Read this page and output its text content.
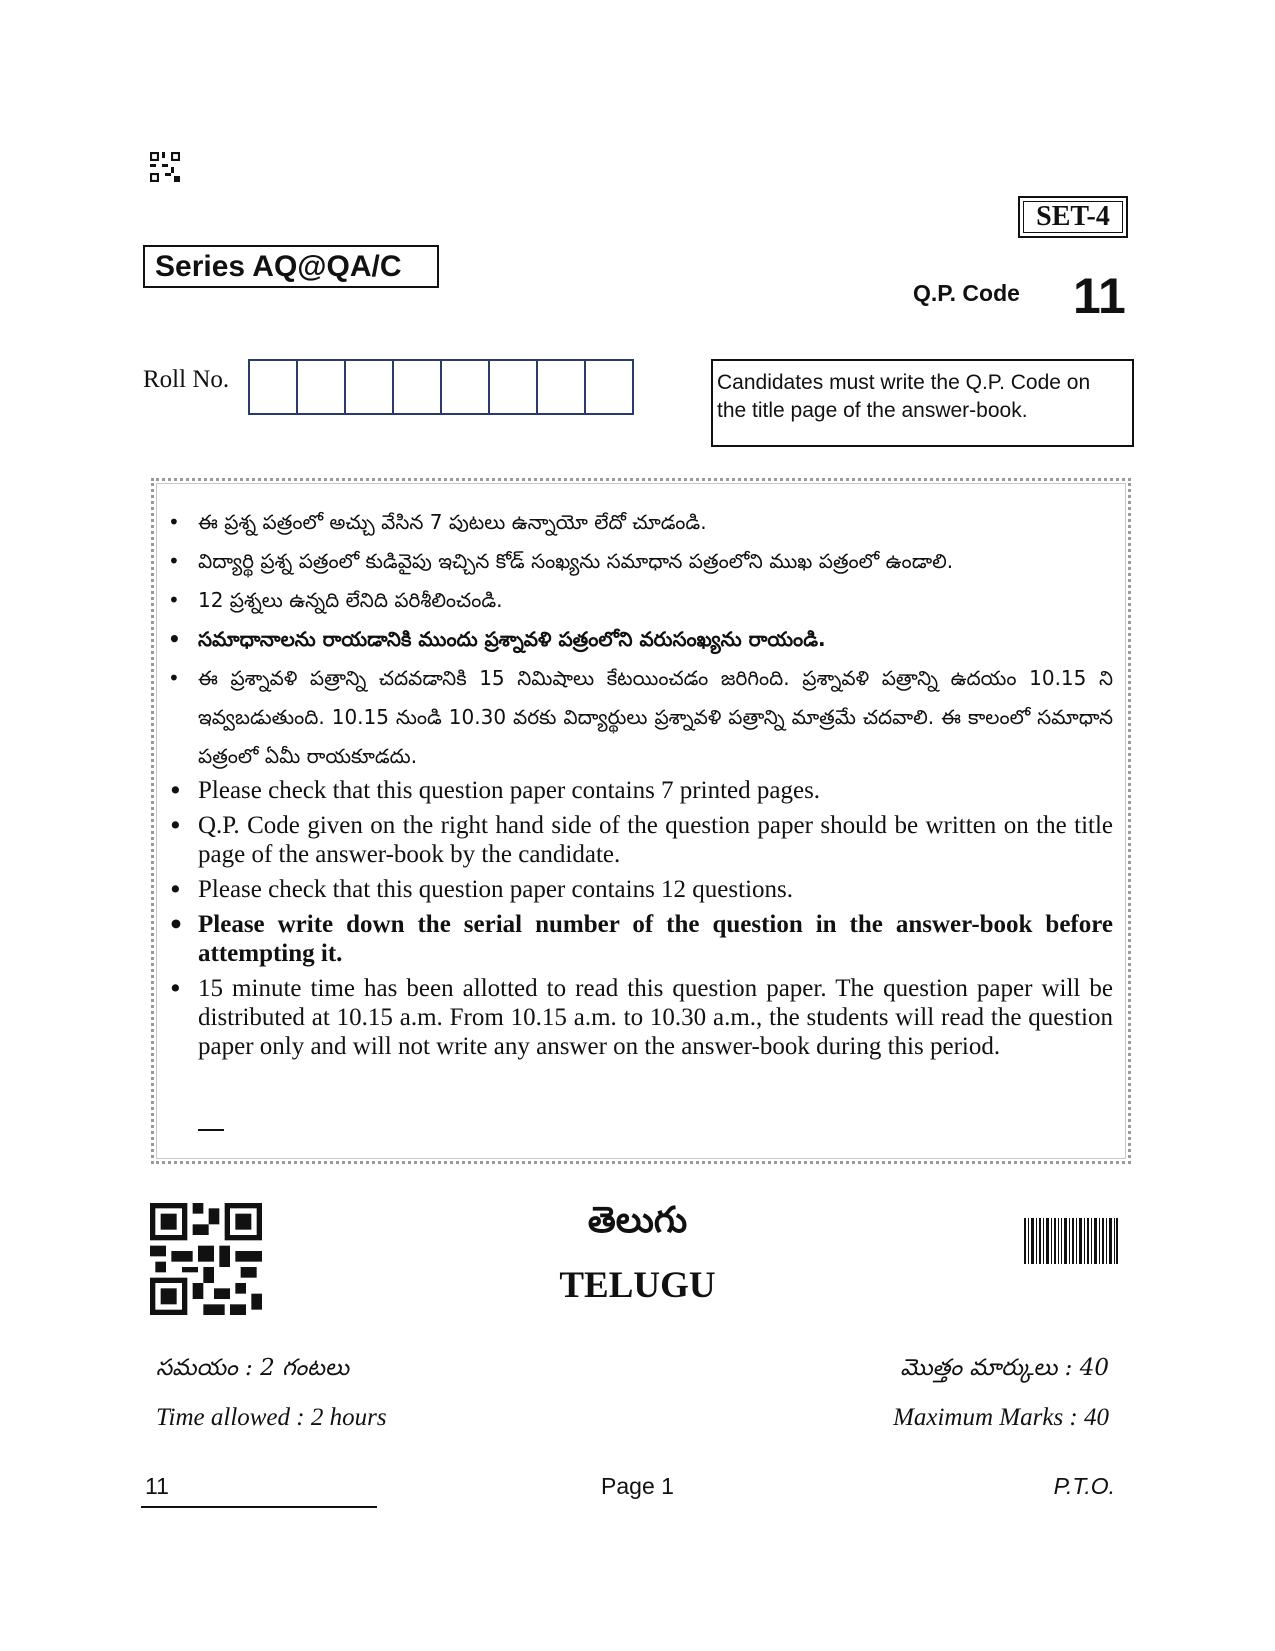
SET-4
Series AQ@QA/C
Q.P. Code 11
Roll No.	Candidates must write the Q.P. Code on
the title page of the answer-book.
• ఈ ప్రశ్న పత్రంలో అచ్చు వేసిన 7 పుటలు ఉన్నాయో లేదో చూడండి.
• విద్యార్థి ప్రశ్న పత్రంలో కుడివైపు ఇచ్చిన కోడ్ సంఖ్యను సమాధాన పత్రంలోని ముఖ పత్రంలో ఉండాలి.
• 12 ప్రశ్నలు ఉన్నది లేనిది పరిశీలించండి.
• సమాధానాలను రాయడానికి ముందు ప్రశ్నావళి పత్రంలోని వరుసంఖ్యను రాయండి.
• ఈ ప్రశ్నావళి పత్రాన్ని చదవడానికి 15 నిమిషాలు కేటయించడం జరిగింది. ప్రశ్నావళి పత్రాన్ని ఉదయం 10.15 ని ఇవ్వబడుతుంది. 10.15 నుండి 10.30 వరకు విద్యార్థులు ప్రశ్నావళి పత్రాన్ని మాత్రమే చదవాలి. ఈ కాలంలో సమాధాన పత్రంలో ఏమీ రాయకూడదు.
• Please check that this question paper contains 7 printed pages.
• Q.P. Code given on the right hand side of the question paper should be written on the title page of the answer-book by the candidate.
• Please check that this question paper contains 12 questions.
• Please write down the serial number of the question in the answer-book before attempting it.
• 15 minute time has been allotted to read this question paper. The question paper will be distributed at 10.15 a.m. From 10.15 a.m. to 10.30 a.m., the students will read the question paper only and will not write any answer on the answer-book during this period.
తెలుగు
TELUGU
సమయం : 2 గంటలు
Time allowed : 2 hours
మొత్తం మార్కులు : 40
Maximum Marks : 40
11	Page 1	P.T.O.
